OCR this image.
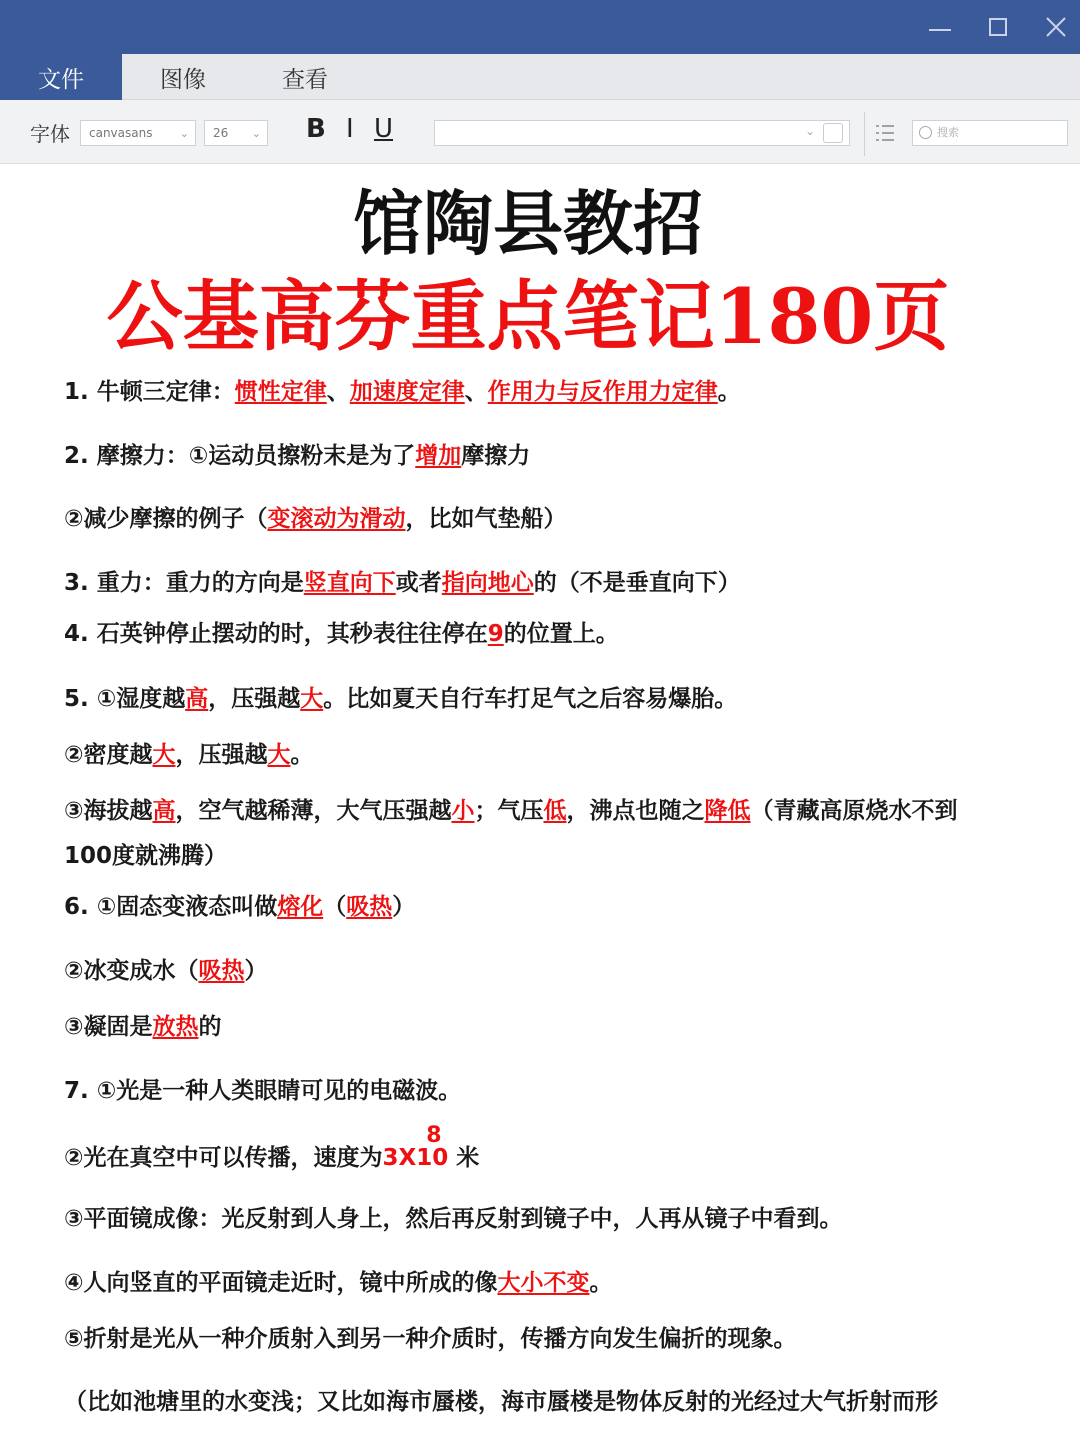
文件	图像	查看
字体	canvasans ⌄	26 ⌄ B I U	⌄	搜索
馆陶县教招
公基高芬重点笔记180页
1. 牛顿三定律：惯性定律、加速度定律、作用力与反作用力定律。
2. 摩擦力：①运动员擦粉末是为了增加摩擦力
②减少摩擦的例子（变滚动为滑动，比如气垫船）
3. 重力：重力的方向是竖直向下或者指向地心的（不是垂直向下）
4. 石英钟停止摆动的时，其秒表往往停在9的位置上。
5. ①湿度越高，压强越大。比如夏天自行车打足气之后容易爆胎。
②密度越大，压强越大。
③海拔越高，空气越稀薄，大气压强越小；气压低，沸点也随之降低（青藏高原烧水不到
100度就沸腾）
6. ①固态变液态叫做熔化（吸热）
②冰变成水（吸热）
③凝固是放热的
7. ①光是一种人类眼睛可见的电磁波。
②光在真空中可以传播，速度为3X10 米
③平面镜成像：光反射到人身上，然后再反射到镜子中，人再从镜子中看到。
④人向竖直的平面镜走近时，镜中所成的像大小不变。
⑤折射是光从一种介质射入到另一种介质时，传播方向发生偏折的现象。
（比如池塘里的水变浅；又比如海市蜃楼，海市蜃楼是物体反射的光经过大气折射而形
8
